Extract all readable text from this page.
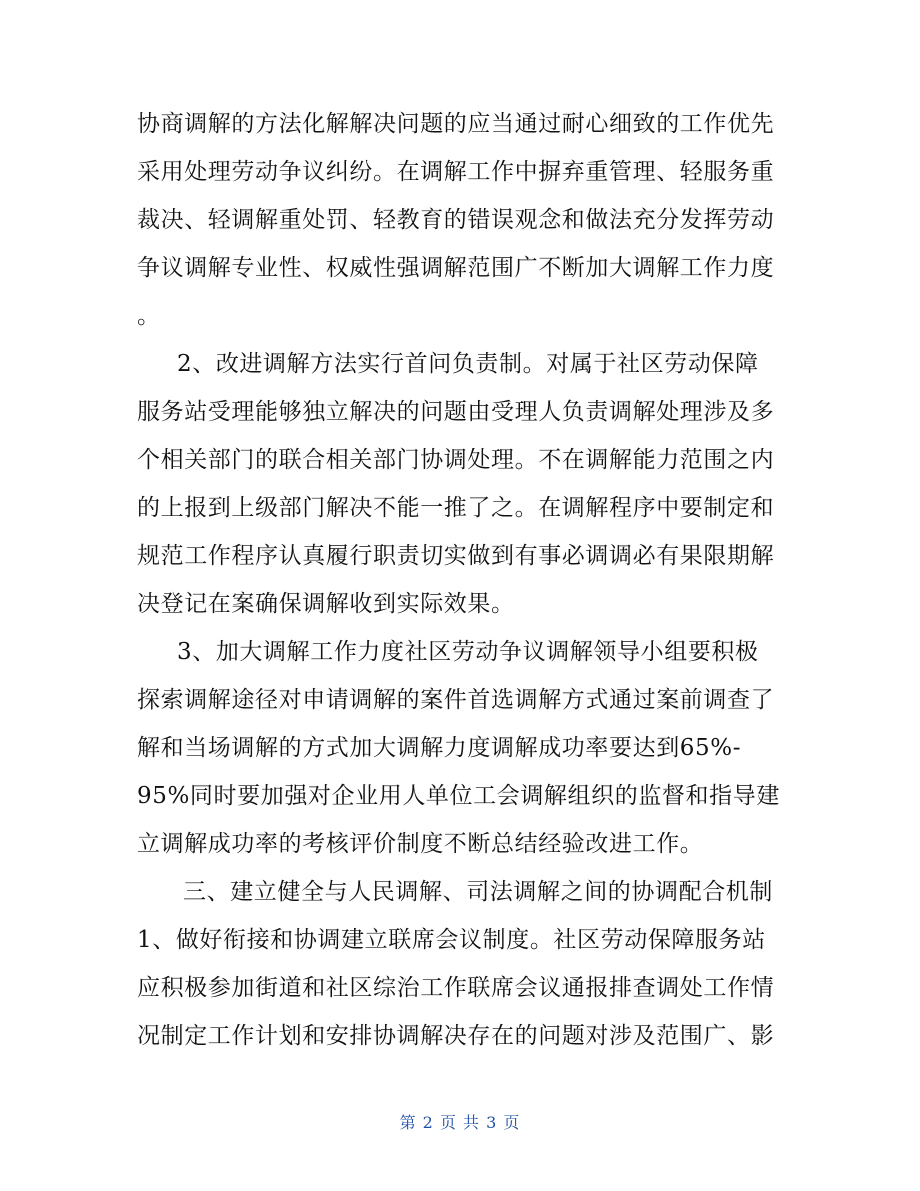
协商调解的方法化解解决问题的应当通过耐心细致的工作优先
采用处理劳动争议纠纷。在调解工作中摒弃重管理、轻服务重
裁决、轻调解重处罚、轻教育的错误观念和做法充分发挥劳动
争议调解专业性、权威性强调解范围广不断加大调解工作力度
。
2、改进调解方法实行首问负责制。对属于社区劳动保障
服务站受理能够独立解决的问题由受理人负责调解处理涉及多
个相关部门的联合相关部门协调处理。不在调解能力范围之内
的上报到上级部门解决不能一推了之。在调解程序中要制定和
规范工作程序认真履行职责切实做到有事必调调必有果限期解
决登记在案确保调解收到实际效果。
3、加大调解工作力度社区劳动争议调解领导小组要积极
探索调解途径对申请调解的案件首选调解方式通过案前调查了
解和当场调解的方式加大调解力度调解成功率要达到65%-
95%同时要加强对企业用人单位工会调解组织的监督和指导建
立调解成功率的考核评价制度不断总结经验改进工作。
三、建立健全与人民调解、司法调解之间的协调配合机制
1、做好衔接和协调建立联席会议制度。社区劳动保障服务站
应积极参加街道和社区综治工作联席会议通报排查调处工作情
况制定工作计划和安排协调解决存在的问题对涉及范围广、影
第 2 页 共 3 页
